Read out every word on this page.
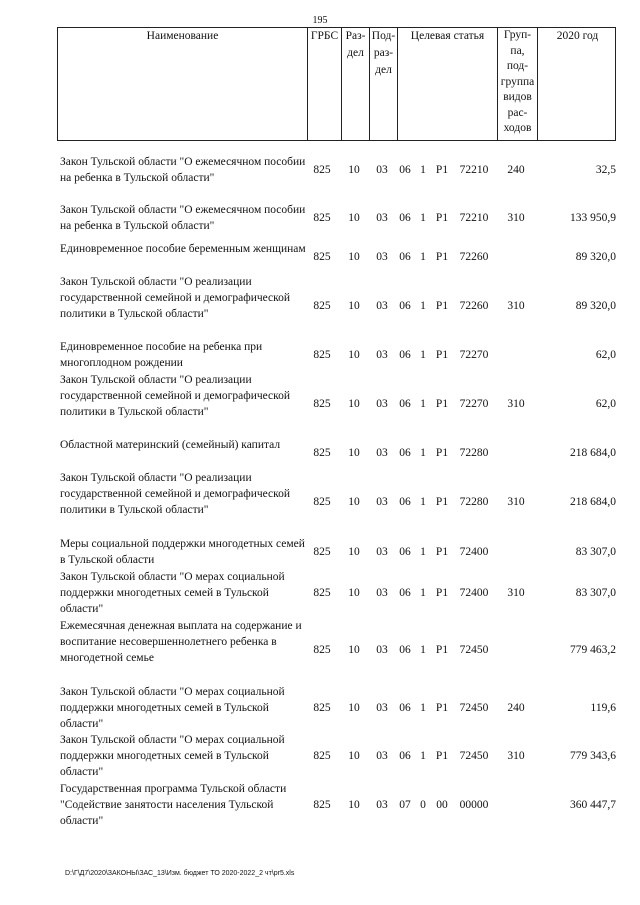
195
Наименование	ГРБС Раз-
дел
Под-
раз-
дел
Целевая статья	Груп-
па,
под-
группа
видов
рас-
ходов
2020 год
Закон Тульской области "О ежемесячном пособии на ребенка в Тульской области"
825 10	03	06 1 P1 72210 240	32,5
Закон Тульской области "О ежемесячном пособии на ребенка в Тульской области"
825 10	03	06 1 P1 72210 310	133 950,9
Единовременное пособие беременным женщинам
825 10	03	06 1 P1 72260	89 320,0
Закон Тульской области "О реализации государственной семейной и демографической политики в Тульской области"
825 10	03	06 1 P1 72260 310	89 320,0
Единовременное пособие на ребенка при многоплодном рождении
825 10	03	06 1 P1 72270	62,0
Закон Тульской области "О реализации государственной семейной и демографической политики в Тульской области"
825 10	03	06 1 P1 72270 310	62,0
Областной материнский (семейный) капитал
825 10	03	06 1 P1 72280	218 684,0
Закон Тульской области "О реализации государственной семейной и демографической политики в Тульской области"
825 10	03	06 1 P1 72280 310	218 684,0
Меры социальной поддержки многодетных семей в Тульской области
825 10	03	06 1 P1 72400	83 307,0
Закон Тульской области "О мерах социальной поддержки многодетных семей в Тульской области"
825 10	03	06 1 P1 72400 310	83 307,0
Ежемесячная денежная выплата на содержание и воспитание несовершеннолетнего ребенка в многодетной семье
825 10	03	06 1 P1 72450	779 463,2
Закон Тульской области "О мерах социальной поддержки многодетных семей в Тульской области"
825 10	03	06 1 P1 72450 240	119,6
Закон Тульской области "О мерах социальной поддержки многодетных семей в Тульской области"
825 10	03	06 1 P1 72450 310	779 343,6
Государственная программа Тульской области "Содействие занятости населения Тульской области"
825 10	03	07 0 00 00000	360 447,7
D:\Г\Д7\2020\ЗАКОНЫ\ЗАС_13\Изм. бюджет ТО 2020-2022_2 чт\pr5.xls
